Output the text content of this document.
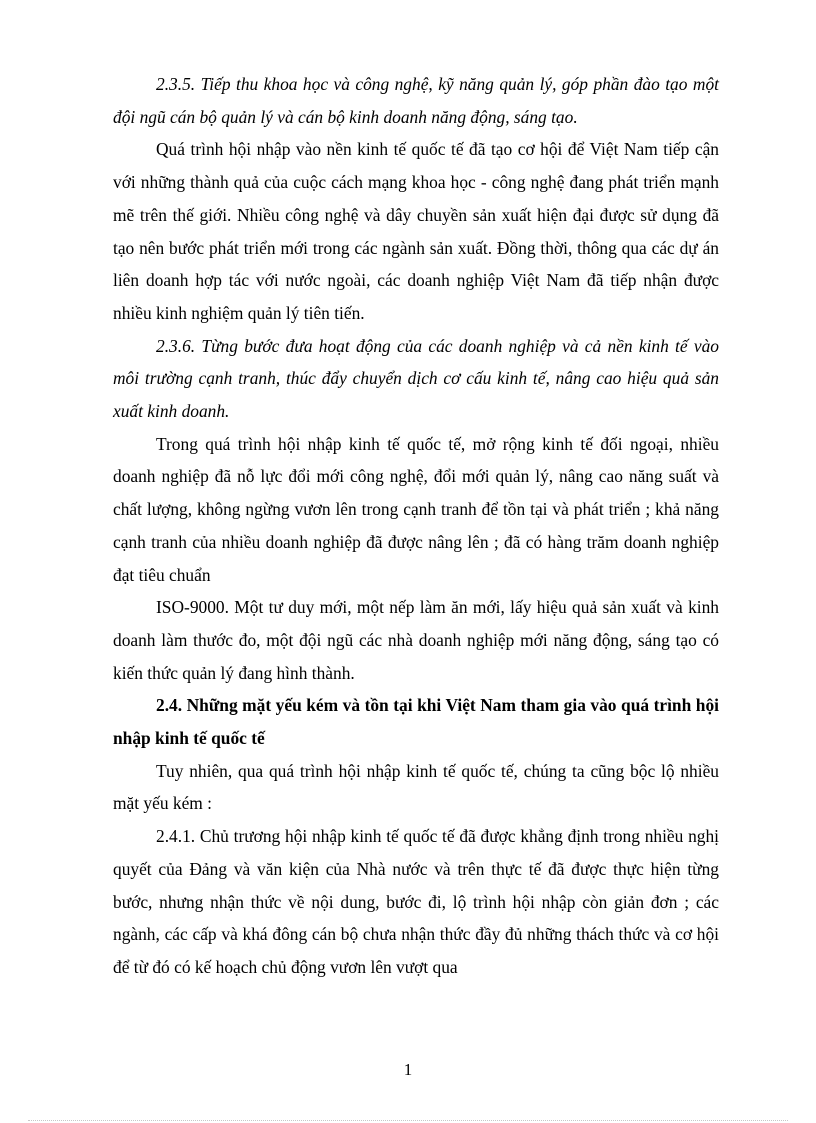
2.3.5. Tiếp thu khoa học và công nghệ, kỹ năng quản lý, góp phần đào tạo một đội ngũ cán bộ quản lý và cán bộ kinh doanh năng động, sáng tạo.

Quá trình hội nhập vào nền kinh tế quốc tế đã tạo cơ hội để Việt Nam tiếp cận với những thành quả của cuộc cách mạng khoa học - công nghệ đang phát triển mạnh mẽ trên thế giới. Nhiều công nghệ và dây chuyền sản xuất hiện đại được sử dụng đã tạo nên bước phát triển mới trong các ngành sản xuất. Đồng thời, thông qua các dự án liên doanh hợp tác với nước ngoài, các doanh nghiệp Việt Nam đã tiếp nhận được nhiều kinh nghiệm quản lý tiên tiến.

2.3.6. Từng bước đưa hoạt động của các doanh nghiệp và cả nền kinh tế vào môi trường cạnh tranh, thúc đẩy chuyển dịch cơ cấu kinh tế, nâng cao hiệu quả sản xuất kinh doanh.

Trong quá trình hội nhập kinh tế quốc tế, mở rộng kinh tế đối ngoại, nhiều doanh nghiệp đã nỗ lực đổi mới công nghệ, đổi mới quản lý, nâng cao năng suất và chất lượng, không ngừng vươn lên trong cạnh tranh để tồn tại và phát triển ; khả năng cạnh tranh của nhiều doanh nghiệp đã được nâng lên ; đã có hàng trăm doanh nghiệp đạt tiêu chuẩn

ISO-9000. Một tư duy mới, một nếp làm ăn mới, lấy hiệu quả sản xuất và kinh doanh làm thước đo, một đội ngũ các nhà doanh nghiệp mới năng động, sáng tạo có kiến thức quản lý đang hình thành.

2.4. Những mặt yếu kém và tồn tại khi Việt Nam tham gia vào quá trình hội nhập kinh tế quốc tế

Tuy nhiên, qua quá trình hội nhập kinh tế quốc tế, chúng ta cũng bộc lộ nhiều mặt yếu kém :

2.4.1. Chủ trương hội nhập kinh tế quốc tế đã được khẳng định trong nhiều nghị quyết của Đảng và văn kiện của Nhà nước và trên thực tế đã được thực hiện từng bước, nhưng nhận thức về nội dung, bước đi, lộ trình hội nhập còn giản đơn ; các ngành, các cấp và khá đông cán bộ chưa nhận thức đầy đủ những thách thức và cơ hội để từ đó có kế hoạch chủ động vươn lên vượt qua

1
